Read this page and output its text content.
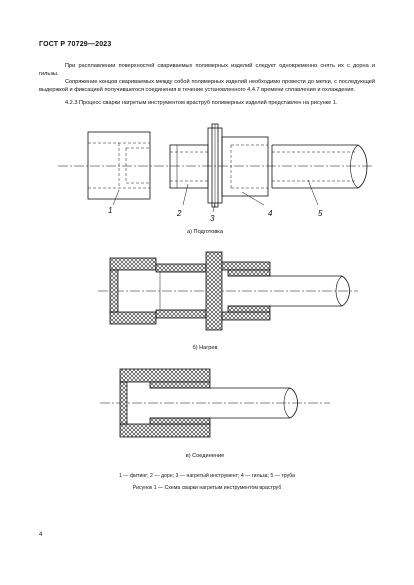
ГОСТ Р 70729—2023
При расплавлении поверхностей свариваемых полимерных изделий следует одновременно снять их с дорна и гильзы.
Сопряжение концов свариваемых между собой полимерных изделий необходимо провести до метки, с последующей выдержкой и фиксацией получившегося соединения в течение установленного 4.4.7 времени сплавления и охлаждения.
4.2.3 Процесс сварки нагретым инструментом враструб полимерных изделий представлен на рисунке 1.
1	2
3
4	5
а) Подготовка
б) Нагрев
в) Соединение
1 — фитинг; 2 — дорн; 3 — нагретый инструмент; 4 — гильза; 5 — труба
Рисунок 1 — Схема сварки нагретым инструментом враструб
4
